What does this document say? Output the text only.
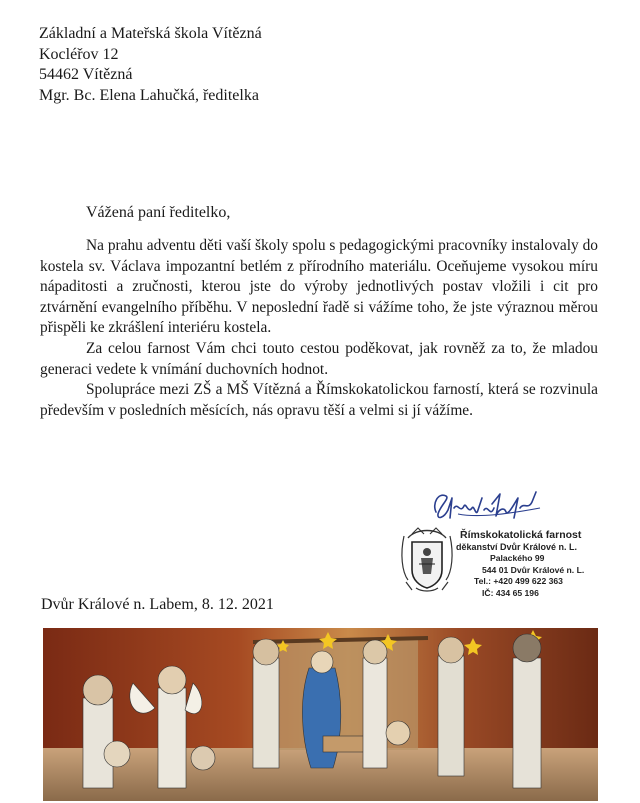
Základní a Mateřská škola Vítězná
Kocléřov 12
54462 Vítězná
Mgr. Bc. Elena Lahučká, ředitelka
Vážená paní ředitelko,

Na prahu adventu děti vaší školy spolu s pedagogickými pracovníky instalovaly do kostela sv. Václava impozantní betlém z přírodního materiálu. Oceňujeme vysokou míru nápaditosti a zručnosti, kterou jste do výroby jednotlivých postav vložili i cit pro ztvárnění evangelního příběhu. V neposlední řadě si vážíme toho, že jste výraznou měrou přispěli ke zkrášlení interiéru kostela.

Za celou farnost Vám chci touto cestou poděkovat, jak rovněž za to, že mladou generaci vedete k vnímání duchovních hodnot.

Spolupráce mezi ZŠ a MŠ Vítězná a Římskokatolickou farností, která se rozvinula především v posledních měsících, nás opravu těší a velmi si jí vážíme.

Římskokatolická farnost
děkanství Dvůr Králové n. L.
Palackého 99
544 01 Dvůr Králové n. L.
Tel.: +420 499 622 363
IČ: 434 65 196
Dvůr Králové n. Labem, 8. 12. 2021
